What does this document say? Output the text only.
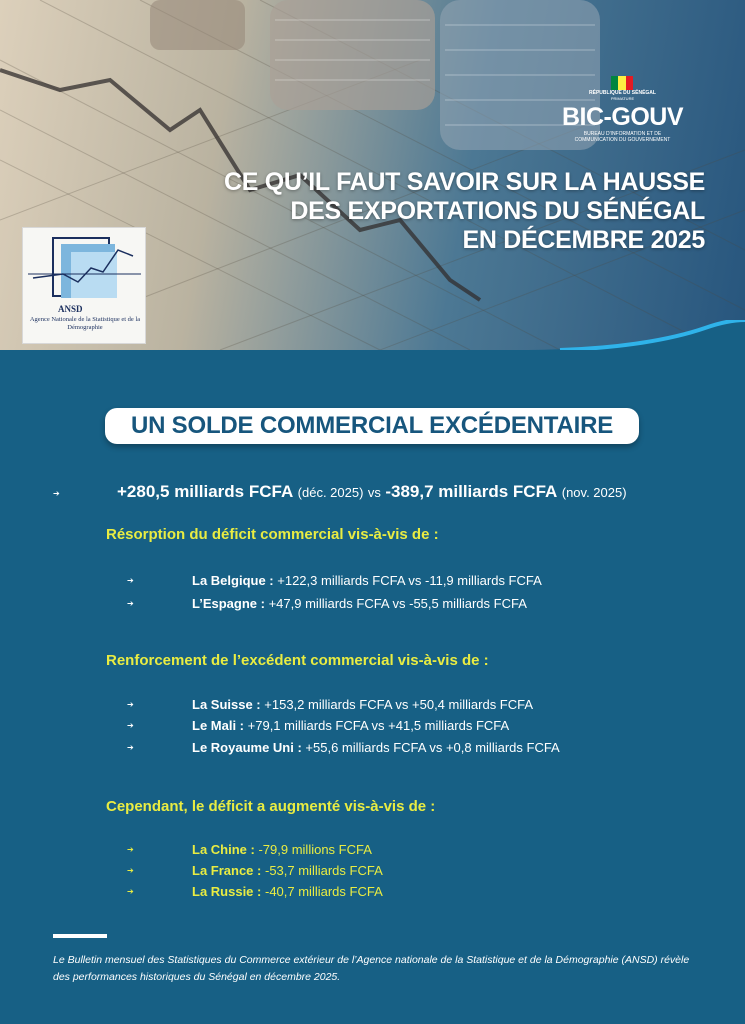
RÉPUBLIQUE DU SÉNÉGAL
PRIMATURE
BIC-GOUV
BUREAU D'INFORMATION ET DE COMMUNICATION DU GOUVERNEMENT
CE QU’IL FAUT SAVOIR SUR LA HAUSSE
DES EXPORTATIONS DU SÉNÉGAL
EN DÉCEMBRE 2025
ANSD
Agence Nationale de la Statistique et de la Démographie
UN SOLDE COMMERCIAL EXCÉDENTAIRE
➔	+280,5 milliards FCFA (déc. 2025) vs -389,7 milliards FCFA (nov. 2025)
Résorption du déficit commercial vis-à-vis de :
➔	La Belgique : +122,3 milliards FCFA vs -11,9 milliards FCFA
➔	L’Espagne : +47,9 milliards FCFA vs -55,5 milliards FCFA
Renforcement de l’excédent commercial vis-à-vis de :
➔	La Suisse : +153,2 milliards FCFA vs +50,4 milliards FCFA
➔	Le Mali : +79,1 milliards FCFA vs +41,5 milliards FCFA
➔	Le Royaume Uni : +55,6 milliards FCFA vs +0,8 milliards FCFA
Cependant, le déficit a augmenté vis-à-vis de :
➔	La Chine : -79,9 millions FCFA
➔	La France : -53,7 milliards FCFA
➔	La Russie : -40,7 milliards FCFA
Le Bulletin mensuel des Statistiques du Commerce extérieur de l’Agence nationale de la Statistique et de la Démographie (ANSD) révèle des performances historiques du Sénégal en décembre 2025.
